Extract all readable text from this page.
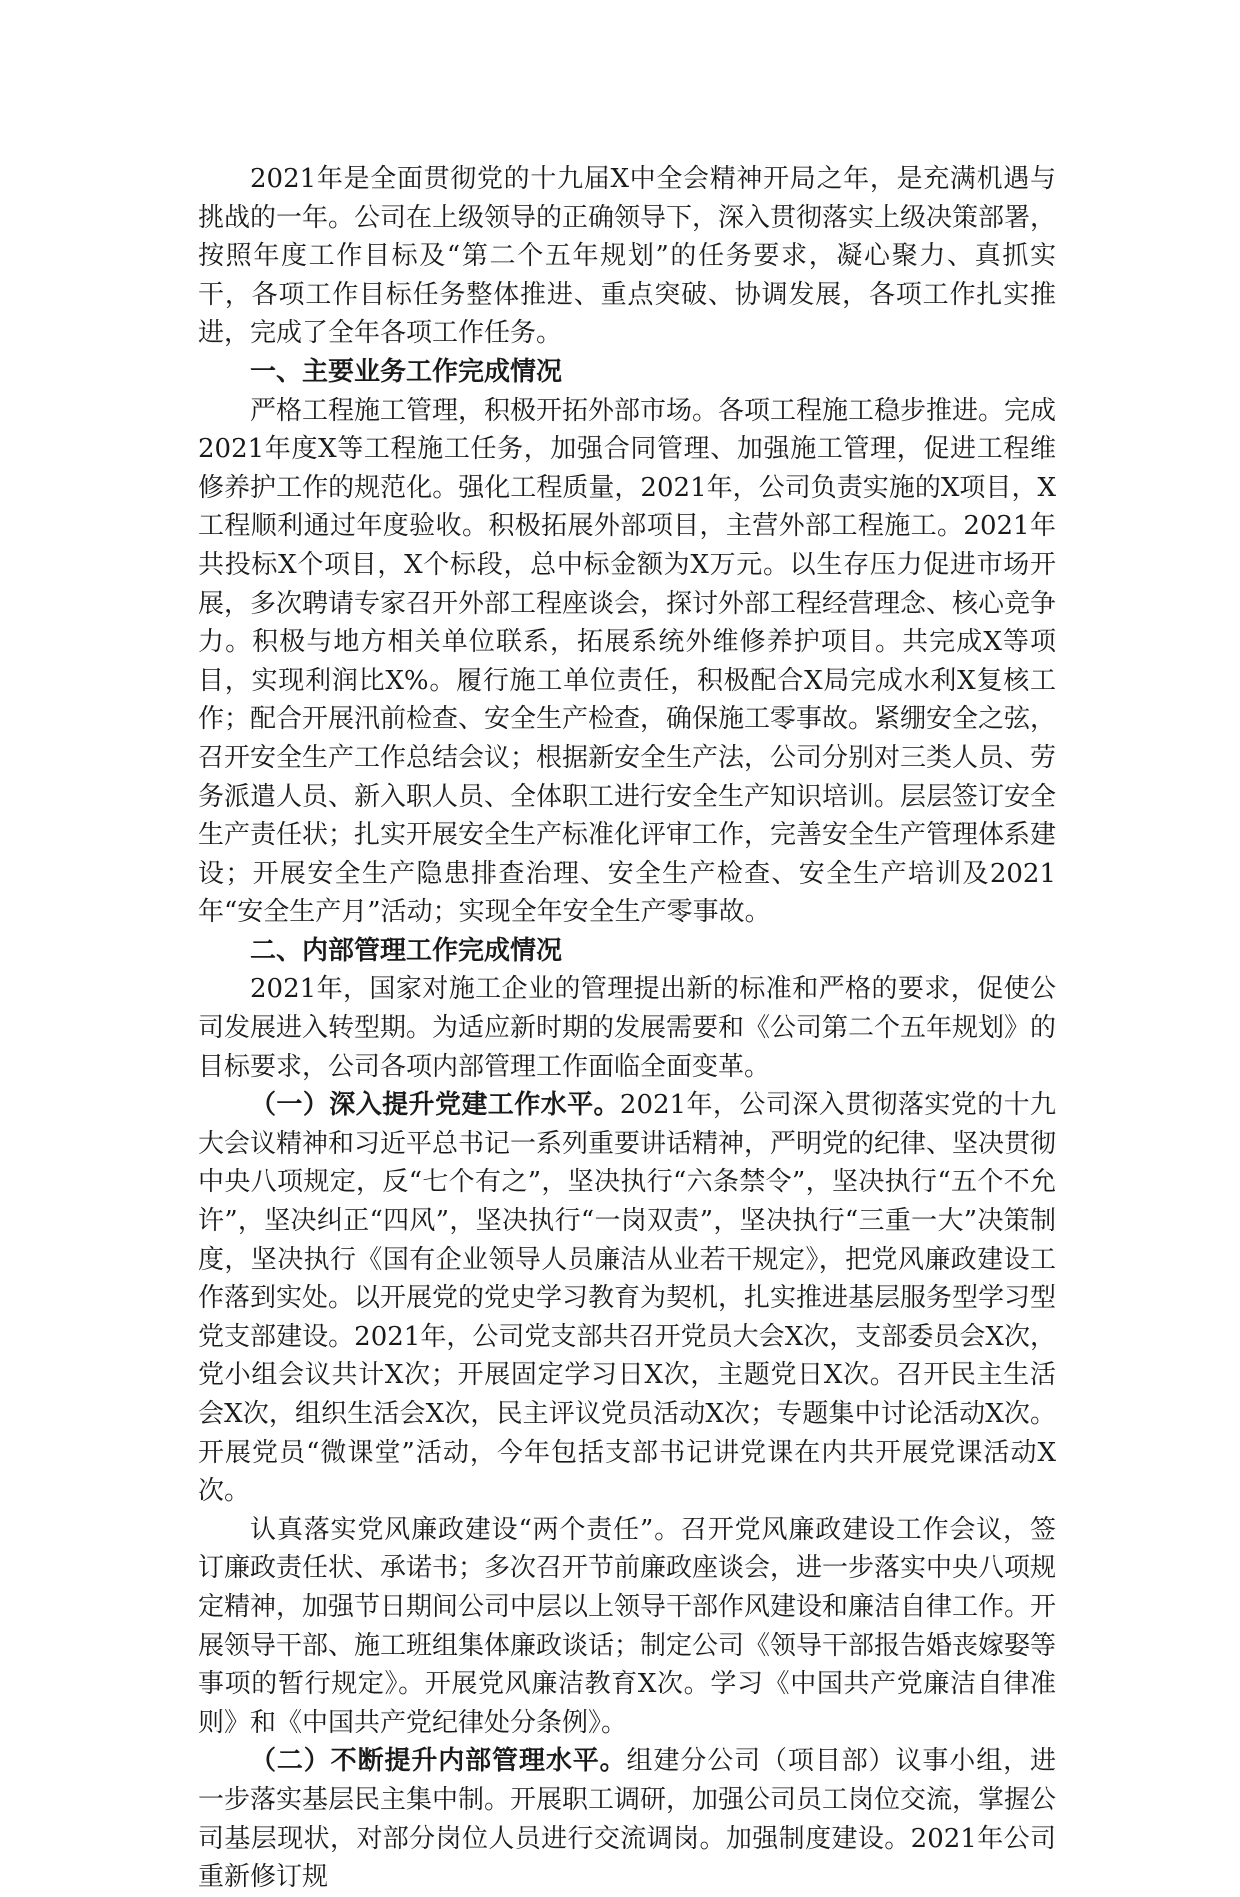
2021年是全面贯彻党的十九届X中全会精神开局之年，是充满机遇与挑战的一年。公司在上级领导的正确领导下，深入贯彻落实上级决策部署，按照年度工作目标及“第二个五年规划”的任务要求，凝心聚力、真抓实干，各项工作目标任务整体推进、重点突破、协调发展，各项工作扎实推进，完成了全年各项工作任务。

一、主要业务工作完成情况

严格工程施工管理，积极开拓外部市场。各项工程施工稳步推进。完成2021年度X等工程施工任务，加强合同管理、加强施工管理，促进工程维修养护工作的规范化。强化工程质量，2021年，公司负责实施的X项目，X工程顺利通过年度验收。积极拓展外部项目，主营外部工程施工。2021年共投标X个项目，X个标段，总中标金额为X万元。以生存压力促进市场开展，多次聘请专家召开外部工程座谈会，探讨外部工程经营理念、核心竞争力。积极与地方相关单位联系，拓展系统外维修养护项目。共完成X等项目，实现利润比X%。履行施工单位责任，积极配合X局完成水利X复核工作；配合开展汛前检查、安全生产检查，确保施工零事故。紧绷安全之弦，召开安全生产工作总结会议；根据新安全生产法，公司分别对三类人员、劳务派遣人员、新入职人员、全体职工进行安全生产知识培训。层层签订安全生产责任状；扎实开展安全生产标准化评审工作，完善安全生产管理体系建设；开展安全生产隐患排查治理、安全生产检查、安全生产培训及2021年“安全生产月”活动；实现全年安全生产零事故。

二、内部管理工作完成情况

2021年，国家对施工企业的管理提出新的标准和严格的要求，促使公司发展进入转型期。为适应新时期的发展需要和《公司第二个五年规划》的目标要求，公司各项内部管理工作面临全面变革。

（一）深入提升党建工作水平。2021年，公司深入贯彻落实党的十九大会议精神和习近平总书记一系列重要讲话精神，严明党的纪律、坚决贯彻中央八项规定，反“七个有之”，坚决执行“六条禁令”，坚决执行“五个不允许”，坚决纠正“四风”，坚决执行“一岗双责”，坚决执行“三重一大”决策制度，坚决执行《国有企业领导人员廉洁从业若干规定》，把党风廉政建设工作落到实处。以开展党的党史学习教育为契机，扎实推进基层服务型学习型党支部建设。2021年，公司党支部共召开党员大会X次，支部委员会X次，党小组会议共计X次；开展固定学习日X次，主题党日X次。召开民主生活会X次，组织生活会X次，民主评议党员活动X次；专题集中讨论活动X次。开展党员“微课堂”活动，今年包括支部书记讲党课在内共开展党课活动X次。

认真落实党风廉政建设“两个责任”。召开党风廉政建设工作会议，签订廉政责任状、承诺书；多次召开节前廉政座谈会，进一步落实中央八项规定精神，加强节日期间公司中层以上领导干部作风建设和廉洁自律工作。开展领导干部、施工班组集体廉政谈话；制定公司《领导干部报告婚丧嫁娶等事项的暂行规定》。开展党风廉洁教育X次。学习《中国共产党廉洁自律准则》和《中国共产党纪律处分条例》。

（二）不断提升内部管理水平。组建分公司（项目部）议事小组，进一步落实基层民主集中制。开展职工调研，加强公司员工岗位交流，掌握公司基层现状，对部分岗位人员进行交流调岗。加强制度建设。2021年公司重新修订规
